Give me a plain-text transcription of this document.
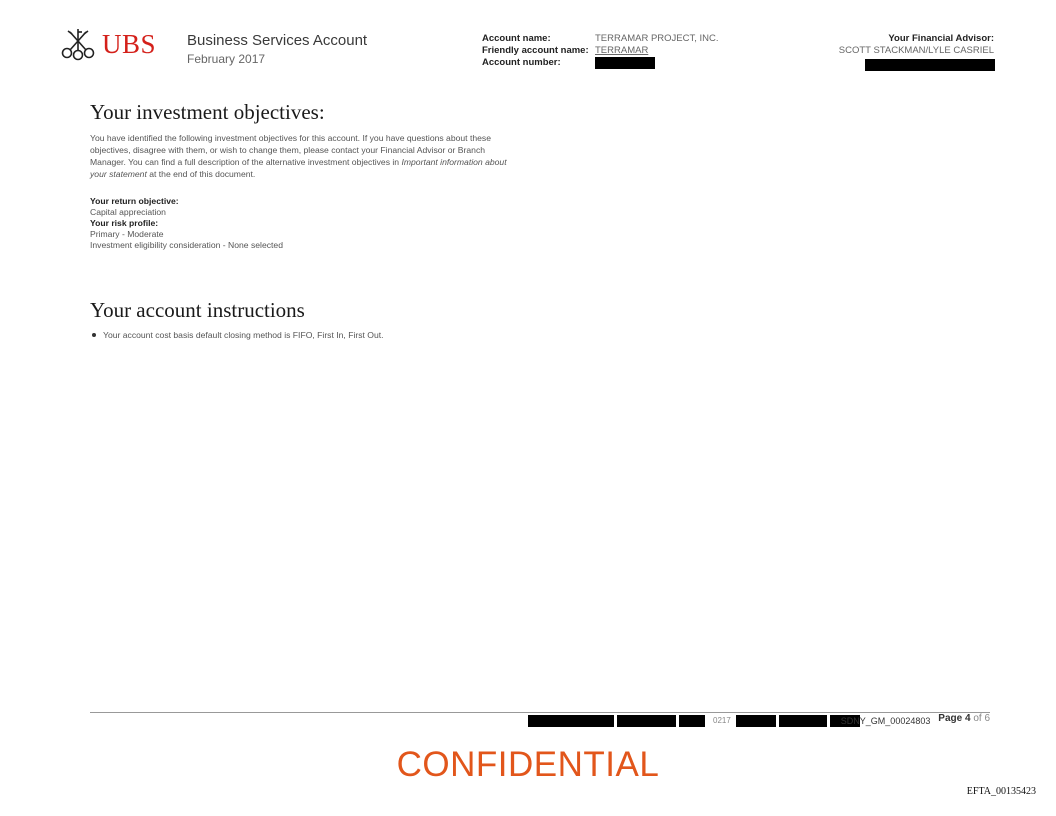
UBS Business Services Account
February 2017
Account name:
Friendly account name:
Account number:
TERRAMAR PROJECT, INC.
TERRAMAR
Your Financial Advisor:
SCOTT STACKMAN/LYLE CASRIEL
Your investment objectives:
You have identified the following investment objectives for this account. If you have questions about these objectives, disagree with them, or wish to change them, please contact your Financial Advisor or Branch Manager. You can find a full description of the alternative investment objectives in Important information about your statement at the end of this document.
Your return objective:
Capital appreciation
Your risk profile:
Primary - Moderate
Investment eligibility consideration - None selected
Your account instructions
Your account cost basis default closing method is FIFO, First In, First Out.
0217	SDNY_GM_00024803 Page 4 of 6
CONFIDENTIAL
EFTA_00135423
